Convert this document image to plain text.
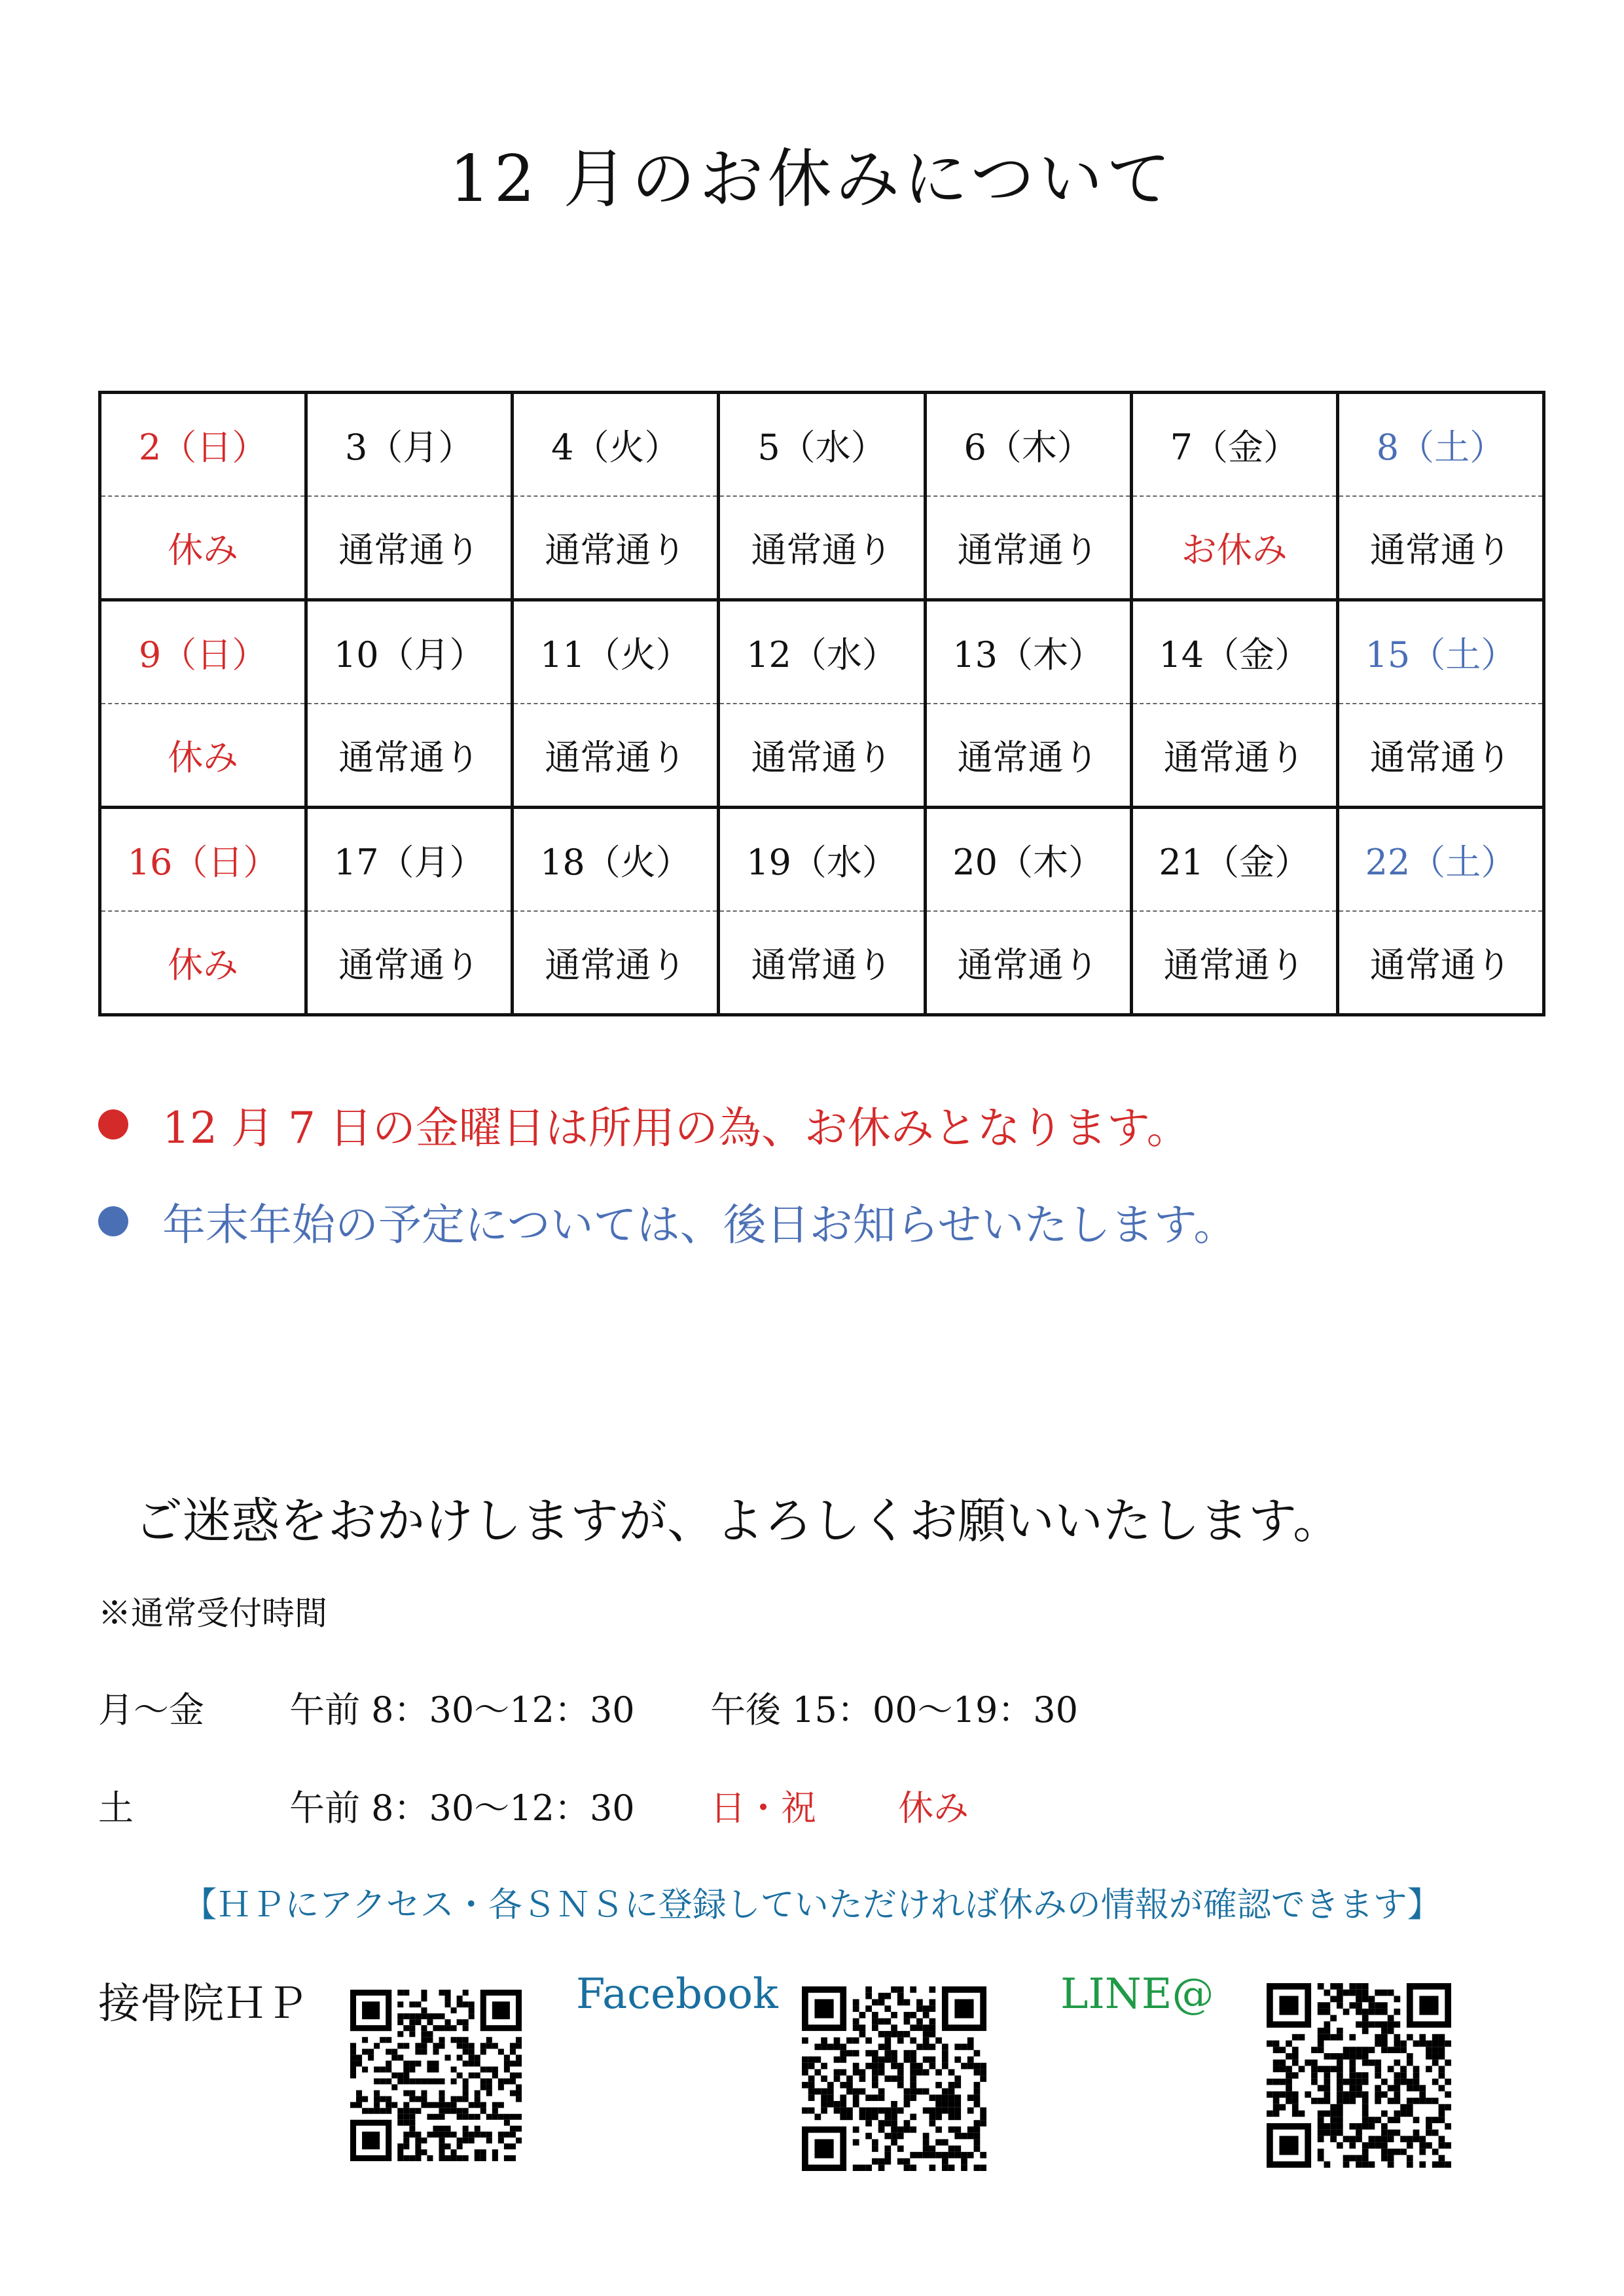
12 月のお休みについて
2（日）	3（月）	4（火）	5（水）	6（木）	7（金）	8（土）
休み	通常通り	通常通り	通常通り	通常通り	お休み	通常通り
9（日）	10（月）	11（火）	12（水）	13（木）	14（金）	15（土）
休み	通常通り	通常通り	通常通り	通常通り	通常通り	通常通り
16（日）	17（月）	18（火）	19（水）	20（木）	21（金）	22（土）
休み	通常通り	通常通り	通常通り	通常通り	通常通り	通常通り
12 月 7 日の金曜日は所用の為、お休みとなります。
年末年始の予定については、後日お知らせいたします。
ご迷惑をおかけしますが、よろしくお願いいたします。
※通常受付時間
月～金 午前 8：30～12：30 午後 15：00～19：30
土	午前 8：30～12：30 日・祝 休み
【ＨＰにアクセス・各ＳＮＳに登録していただければ休みの情報が確認できます】
接骨院ＨＰ	Facebook	LINE@
